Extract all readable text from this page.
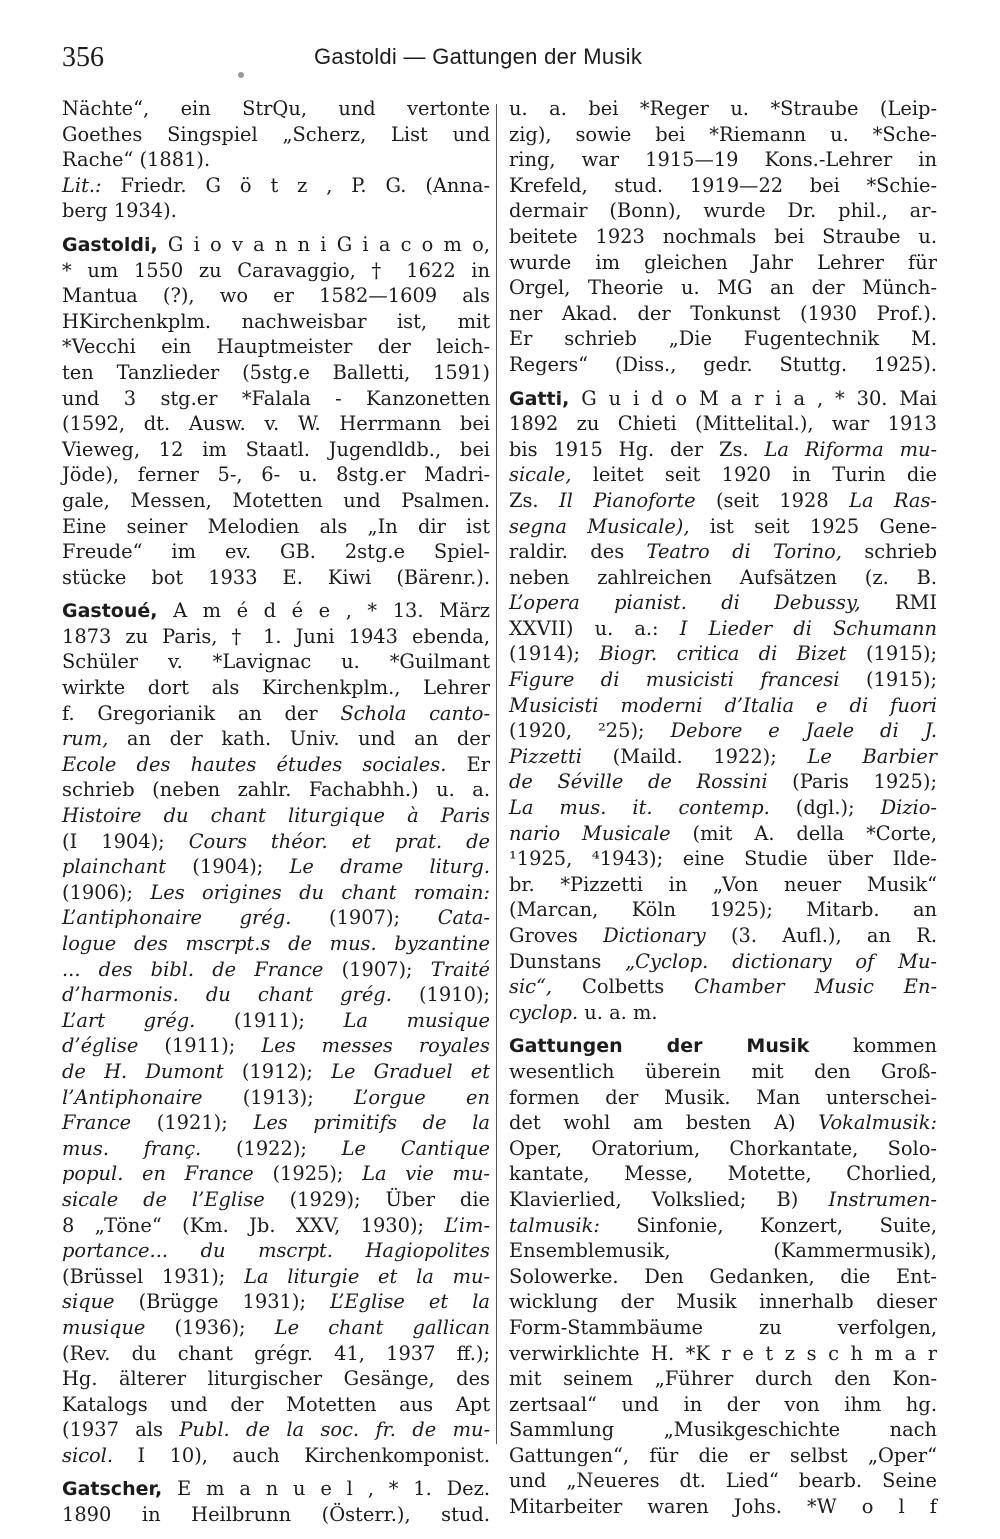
356	Gastoldi — Gattungen der Musik
Nächte“, ein StrQu, und vertonte
Goethes Singspiel „Scherz, List und
Rache“ (1881).
Lit.: Friedr. G ö t z , P. G. (Anna-
berg 1934).
Gastoldi, G i o v a n n i G i a c o m o,
* um 1550 zu Caravaggio, † 1622 in
Mantua (?), wo er 1582—1609 als
HKirchenkplm. nachweisbar ist, mit
*Vecchi ein Hauptmeister der leich-
ten Tanzlieder (5stg.e Balletti, 1591)
und 3 stg.er *Falala - Kanzonetten
(1592, dt. Ausw. v. W. Herrmann bei
Vieweg, 12 im Staatl. Jugendldb., bei
Jöde), ferner 5-, 6- u. 8stg.er Madri-
gale, Messen, Motetten und Psalmen.
Eine seiner Melodien als „In dir ist
Freude“ im ev. GB. 2stg.e Spiel-
stücke bot 1933 E. Kiwi (Bärenr.).
Gastoué, A m é d é e , * 13. März
1873 zu Paris, † 1. Juni 1943 ebenda,
Schüler v. *Lavignac u. *Guilmant
wirkte dort als Kirchenkplm., Lehrer
f. Gregorianik an der Schola canto-
rum, an der kath. Univ. und an der
Ecole des hautes études sociales. Er
schrieb (neben zahlr. Fachabhh.) u. a.
Histoire du chant liturgique à Paris
(I 1904); Cours théor. et prat. de
plainchant (1904); Le drame liturg.
(1906); Les origines du chant romain:
L’antiphonaire grég. (1907); Cata-
logue des mscrpt.s de mus. byzantine
... des bibl. de France (1907); Traité
d’harmonis. du chant grég. (1910);
L’art grég. (1911); La musique
d’église (1911); Les messes royales
de H. Dumont (1912); Le Graduel et
l’Antiphonaire (1913); L’orgue en
France (1921); Les primitifs de la
mus. franç. (1922); Le Cantique
popul. en France (1925); La vie mu-
sicale de l’Eglise (1929); Über die
8 „Töne“ (Km. Jb. XXV, 1930); L’im-
portance... du mscrpt. Hagiopolites
(Brüssel 1931); La liturgie et la mu-
sique (Brügge 1931); L’Eglise et la
musique (1936); Le chant gallican
(Rev. du chant grégr. 41, 1937 ff.);
Hg. älterer liturgischer Gesänge, des
Katalogs und der Motetten aus Apt
(1937 als Publ. de la soc. fr. de mu-
sicol. I 10), auch Kirchenkomponist.
Gatscher, E m a n u e l , * 1. Dez.
1890 in Heilbrunn (Österr.), stud.
u. a. bei *Reger u. *Straube (Leip-
zig), sowie bei *Riemann u. *Sche-
ring, war 1915—19 Kons.-Lehrer in
Krefeld, stud. 1919—22 bei *Schie-
dermair (Bonn), wurde Dr. phil., ar-
beitete 1923 nochmals bei Straube u.
wurde im gleichen Jahr Lehrer für
Orgel, Theorie u. MG an der Münch-
ner Akad. der Tonkunst (1930 Prof.).
Er schrieb „Die Fugentechnik M.
Regers“ (Diss., gedr. Stuttg. 1925).
Gatti, G u i d o M a r i a , * 30. Mai
1892 zu Chieti (Mittelital.), war 1913
bis 1915 Hg. der Zs. La Riforma mu-
sicale, leitet seit 1920 in Turin die
Zs. Il Pianoforte (seit 1928 La Ras-
segna Musicale), ist seit 1925 Gene-
raldir. des Teatro di Torino, schrieb
neben zahlreichen Aufsätzen (z. B.
L’opera pianist. di Debussy, RMI
XXVII) u. a.: I Lieder di Schumann
(1914); Biogr. critica di Bizet (1915);
Figure di musicisti francesi (1915);
Musicisti moderni d’Italia e di fuori
(1920, ²25); Debore e Jaele di J.
Pizzetti (Maild. 1922); Le Barbier
de Séville de Rossini (Paris 1925);
La mus. it. contemp. (dgl.); Dizio-
nario Musicale (mit A. della *Corte,
¹1925, ⁴1943); eine Studie über Ilde-
br. *Pizzetti in „Von neuer Musik“
(Marcan, Köln 1925); Mitarb. an
Groves Dictionary (3. Aufl.), an R.
Dunstans „Cyclop. dictionary of Mu-
sic“, Colbetts Chamber Music En-
cyclop. u. a. m.
Gattungen der Musik kommen
wesentlich überein mit den Groß-
formen der Musik. Man unterschei-
det wohl am besten A) Vokalmusik:
Oper, Oratorium, Chorkantate, Solo-
kantate, Messe, Motette, Chorlied,
Klavierlied, Volkslied; B) Instrumen-
talmusik: Sinfonie, Konzert, Suite,
Ensemblemusik, (Kammermusik),
Solowerke. Den Gedanken, die Ent-
wicklung der Musik innerhalb dieser
Form-Stammbäume zu verfolgen,
verwirklichte H. *K r e t z s c h m a r
mit seinem „Führer durch den Kon-
zertsaal“ und in der von ihm hg.
Sammlung „Musikgeschichte nach
Gattungen“, für die er selbst „Oper“
und „Neueres dt. Lied“ bearb. Seine
Mitarbeiter waren Johs. *W o l f
